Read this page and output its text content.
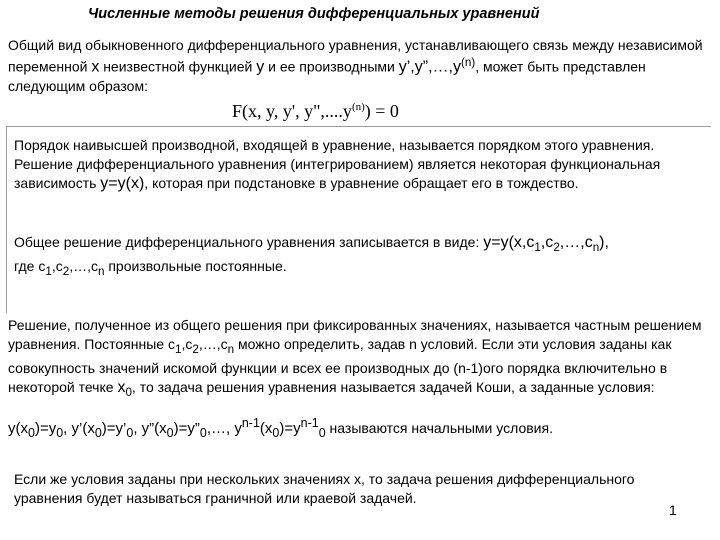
Численные методы решения дифференциальных уравнений
Общий вид обыкновенного дифференциального уравнения, устанавливающего связь между независимой переменной х неизвестной функцией у и ее производными $y’,y”,\dots,y^{(n)}$, может быть представлен следующим образом:
F(x, y, y', $y",....y^{(n)}) = 0$
Порядок наивысшей производной, входящей в уравнение, называется порядком этого уравнения. Решение дифференциального уравнения (интегрированием) является некоторая функциональная зависимость y=y(x), которая при подстановке в уравнение обращает его в тождество.
Общее решение дифференциального уравнения записывается в виде: $y=y(x,c_1,c_2,\dots,c_n)$,
где $c_1,c_2,\dots,c_n$ произвольные постоянные.
Решение, полученное из общего решения при фиксированных значениях, называется частным решением уравнения. Постоянные $c_1,c_2,\dots,c_n$ можно определить, задав n условий. Если эти условия заданы как совокупность значений искомой функции и всех ее производных до (n-1)ого порядка включительно в некоторой течке $x_0$, то задача решения уравнения называется задачей Коши, а заданные условия:
$y(x_0)=y_0$, $y’(x_0)=y’_0$, $y”(x_0)=y”_0,\dots$, $y^{n-1}(x_0)=y^{n-1}_0$ называются начальными условия.
Если же условия заданы при нескольких значениях х, то задача решения дифференциального уравнения будет называться граничной или краевой задачей.
1
